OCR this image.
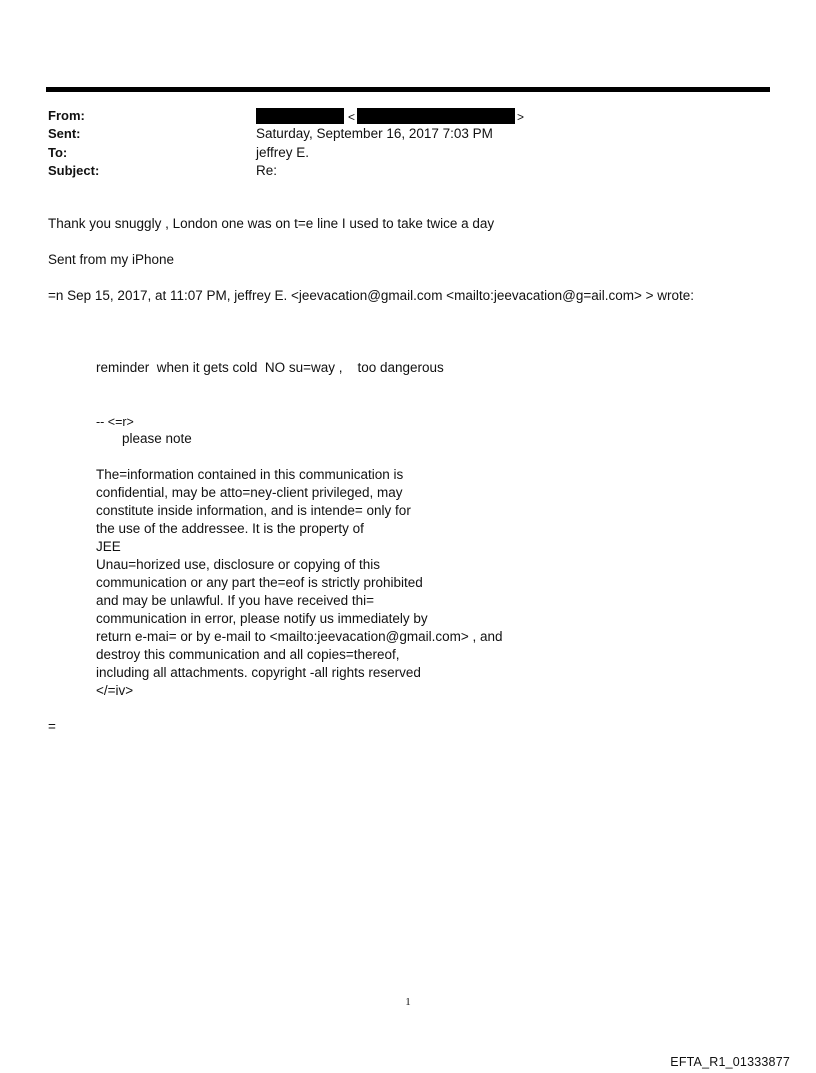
From:	<	>
Sent:	Saturday, September 16, 2017 7:03 PM
To:	jeffrey E.
Subject:	Re:
Thank you snuggly , London one was on t=e line I used to take twice a day
Sent from my iPhone
=n Sep 15, 2017, at 11:07 PM, jeffrey E. <jeevacation@gmail.com <mailto:jeevacation@g=ail.com> > wrote:
reminder  when it gets cold  NO su=way ,    too dangerous
-- <=r>
please note
The=information contained in this communication is
confidential, may be atto=ney-client privileged, may
constitute inside information, and is intende= only for
the use of the addressee. It is the property of
JEE
Unau=horized use, disclosure or copying of this
communication or any part the=eof is strictly prohibited
and may be unlawful. If you have received thi=
communication in error, please notify us immediately by
return e-mai= or by e-mail to <mailto:jeevacation@gmail.com> , and
destroy this communication and all copies=thereof,
including all attachments. copyright -all rights reserved
</=iv>
=
1
EFTA_R1_01333877
